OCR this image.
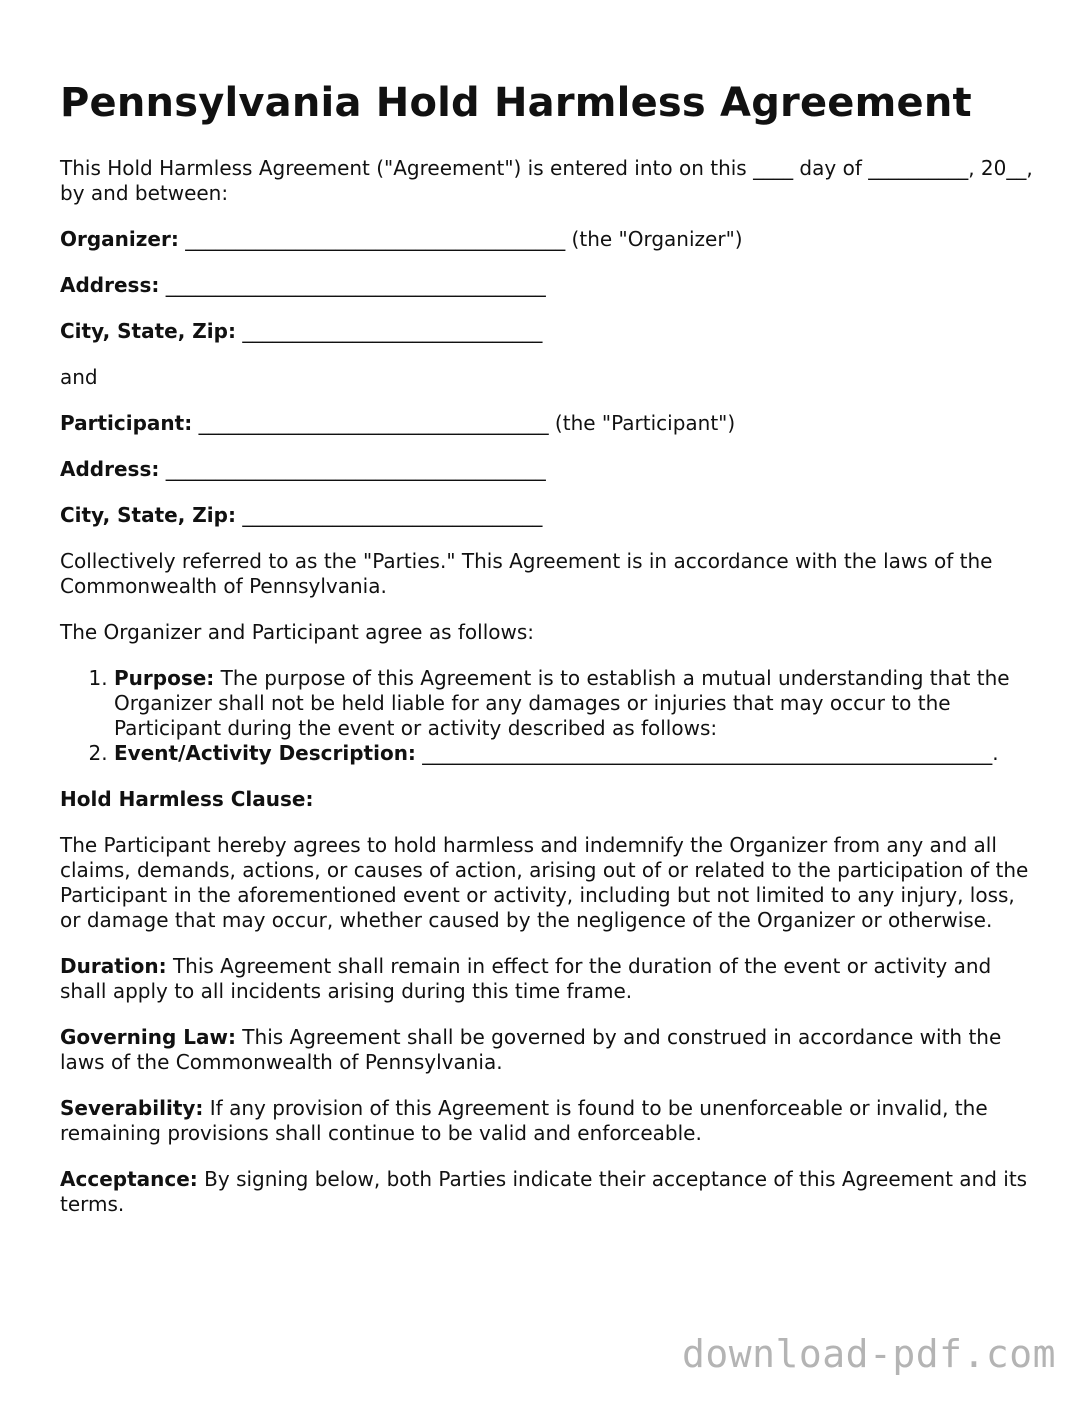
Pennsylvania Hold Harmless Agreement

This Hold Harmless Agreement ("Agreement") is entered into on this ____ day of __________, 20__, by and between:

Organizer: ______________________________________ (the "Organizer")

Address: ______________________________________

City, State, Zip: ______________________________

and

Participant: ___________________________________ (the "Participant")

Address: ______________________________________

City, State, Zip: ______________________________

Collectively referred to as the "Parties." This Agreement is in accordance with the laws of the Commonwealth of Pennsylvania.

The Organizer and Participant agree as follows:

1. Purpose: The purpose of this Agreement is to establish a mutual understanding that the Organizer shall not be held liable for any damages or injuries that may occur to the Participant during the event or activity described as follows:
2. Event/Activity Description: _________________________________________________________.

Hold Harmless Clause:

The Participant hereby agrees to hold harmless and indemnify the Organizer from any and all claims, demands, actions, or causes of action, arising out of or related to the participation of the Participant in the aforementioned event or activity, including but not limited to any injury, loss, or damage that may occur, whether caused by the negligence of the Organizer or otherwise.

Duration: This Agreement shall remain in effect for the duration of the event or activity and shall apply to all incidents arising during this time frame.

Governing Law: This Agreement shall be governed by and construed in accordance with the laws of the Commonwealth of Pennsylvania.

Severability: If any provision of this Agreement is found to be unenforceable or invalid, the remaining provisions shall continue to be valid and enforceable.

Acceptance: By signing below, both Parties indicate their acceptance of this Agreement and its terms.

download-pdf.com
